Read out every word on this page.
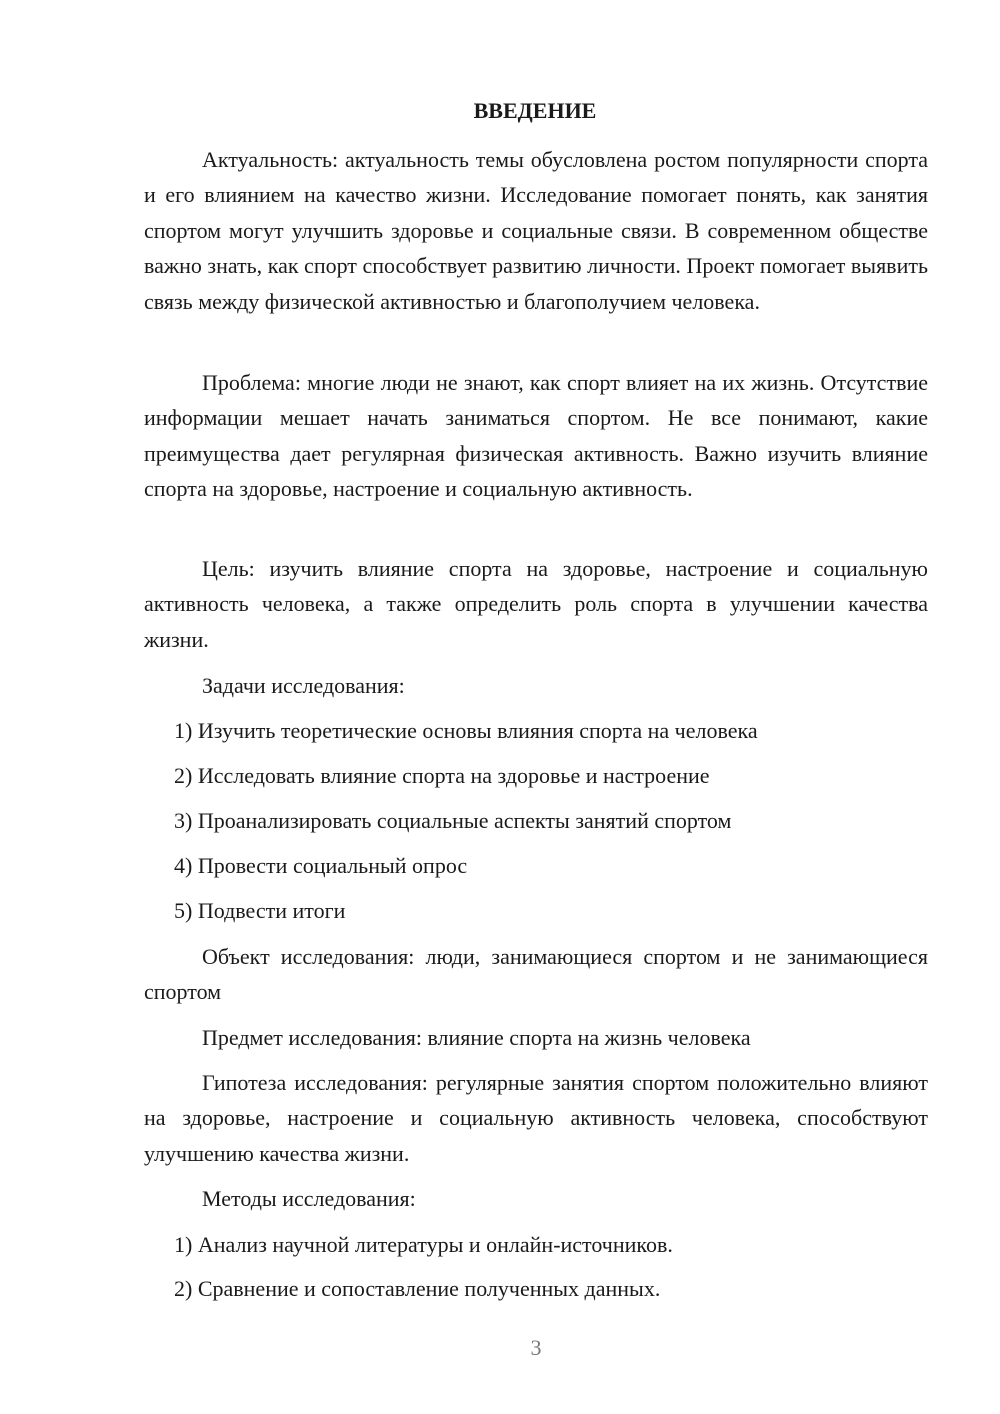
ВВЕДЕНИЕ

Актуальность: актуальность темы обусловлена ростом популярности спорта и его влиянием на качество жизни. Исследование помогает понять, как занятия спортом могут улучшить здоровье и социальные связи. В современном обществе важно знать, как спорт способствует развитию личности. Проект помогает выявить связь между физической активностью и благополучием человека.

Проблема: многие люди не знают, как спорт влияет на их жизнь. Отсутствие информации мешает начать заниматься спортом. Не все понимают, какие преимущества дает регулярная физическая активность. Важно изучить влияние спорта на здоровье, настроение и социальную активность.

Цель: изучить влияние спорта на здоровье, настроение и социальную активность человека, а также определить роль спорта в улучшении качества жизни.

Задачи исследования:

1) Изучить теоретические основы влияния спорта на человека

2) Исследовать влияние спорта на здоровье и настроение

3) Проанализировать социальные аспекты занятий спортом

4) Провести социальный опрос

5) Подвести итоги

Объект исследования: люди, занимающиеся спортом и не занимающиеся спортом

Предмет исследования: влияние спорта на жизнь человека

Гипотеза исследования: регулярные занятия спортом положительно влияют на здоровье, настроение и социальную активность человека, способствуют улучшению качества жизни.

Методы исследования:

1) Анализ научной литературы и онлайн-источников.

2) Сравнение и сопоставление полученных данных.

3
